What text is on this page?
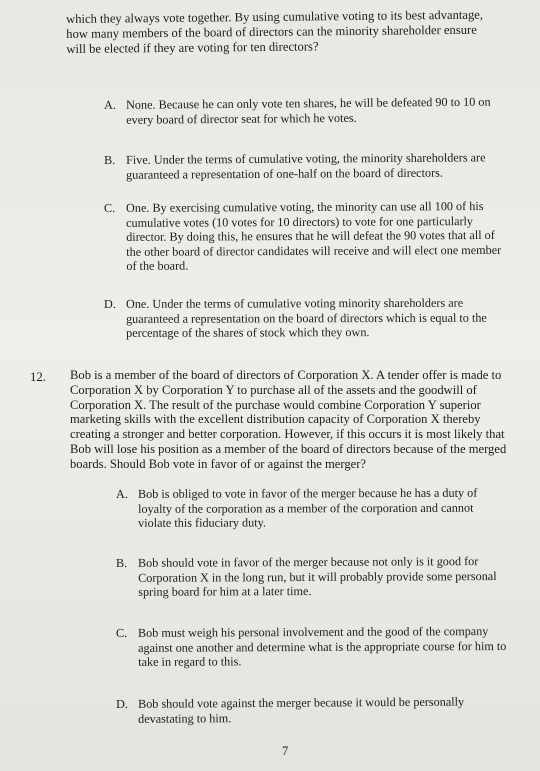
which they always vote together. By using cumulative voting to its best advantage, how many members of the board of directors can the minority shareholder ensure will be elected if they are voting for ten directors?
A. None. Because he can only vote ten shares, he will be defeated 90 to 10 on every board of director seat for which he votes.
B. Five. Under the terms of cumulative voting, the minority shareholders are guaranteed a representation of one-half on the board of directors.
C. One. By exercising cumulative voting, the minority can use all 100 of his cumulative votes (10 votes for 10 directors) to vote for one particularly director. By doing this, he ensures that he will defeat the 90 votes that all of the other board of director candidates will receive and will elect one member of the board.
D. One. Under the terms of cumulative voting minority shareholders are guaranteed a representation on the board of directors which is equal to the percentage of the shares of stock which they own.
12. Bob is a member of the board of directors of Corporation X. A tender offer is made to Corporation X by Corporation Y to purchase all of the assets and the goodwill of Corporation X. The result of the purchase would combine Corporation Y superior marketing skills with the excellent distribution capacity of Corporation X thereby creating a stronger and better corporation. However, if this occurs it is most likely that Bob will lose his position as a member of the board of directors because of the merged boards. Should Bob vote in favor of or against the merger?
A. Bob is obliged to vote in favor of the merger because he has a duty of loyalty of the corporation as a member of the corporation and cannot violate this fiduciary duty.
B. Bob should vote in favor of the merger because not only is it good for Corporation X in the long run, but it will probably provide some personal spring board for him at a later time.
C. Bob must weigh his personal involvement and the good of the company against one another and determine what is the appropriate course for him to take in regard to this.
D. Bob should vote against the merger because it would be personally devastating to him.
7
